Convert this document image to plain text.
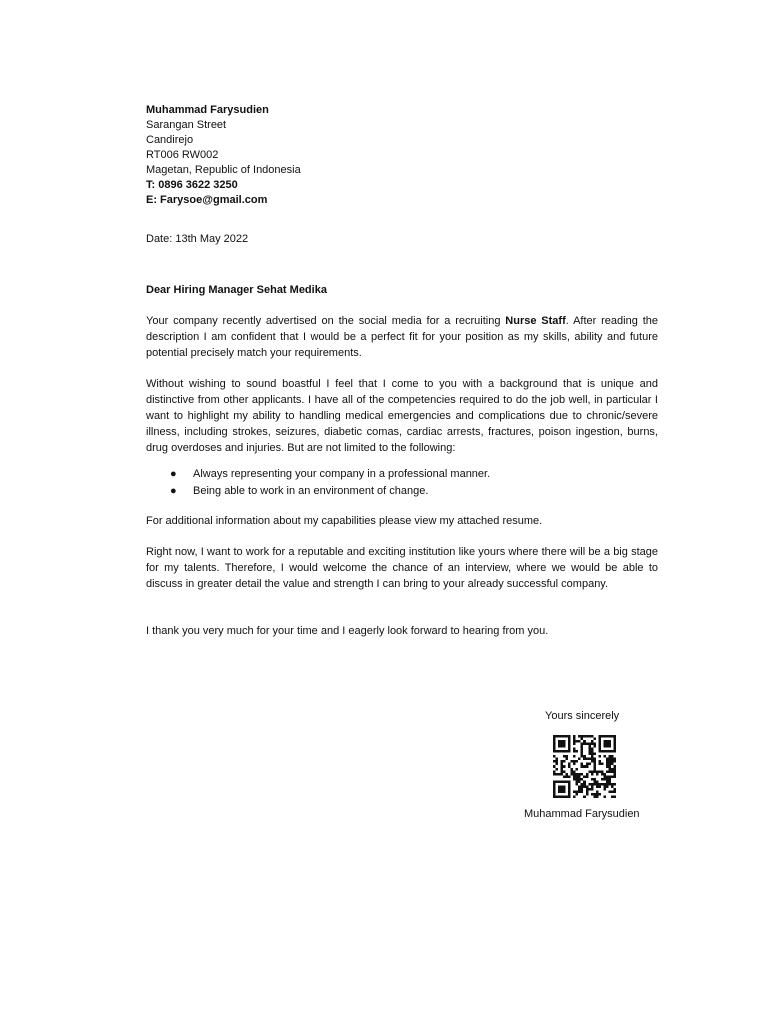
Muhammad Farysudien
Sarangan Street
Candirejo
RT006 RW002
Magetan, Republic of Indonesia
T: 0896 3622 3250
E: Farysoe@gmail.com
Date: 13th May 2022
Dear Hiring Manager Sehat Medika

Your company recently advertised on the social media for a recruiting Nurse Staff. After reading the description I am confident that I would be a perfect fit for your position as my skills, ability and future potential precisely match your requirements.

Without wishing to sound boastful I feel that I come to you with a background that is unique and distinctive from other applicants. I have all of the competencies required to do the job well, in particular I want to highlight my ability to handling medical emergencies and complications due to chronic/severe illness, including strokes, seizures, diabetic comas, cardiac arrests, fractures, poison ingestion, burns, drug overdoses and injuries. But are not limited to the following:

● Always representing your company in a professional manner.
● Being able to work in an environment of change.

For additional information about my capabilities please view my attached resume.

Right now, I want to work for a reputable and exciting institution like yours where there will be a big stage for my talents. Therefore, I would welcome the chance of an interview, where we would be able to discuss in greater detail the value and strength I can bring to your already successful company.

I thank you very much for your time and I eagerly look forward to hearing from you.

Yours sincerely
Muhammad Farysudien
